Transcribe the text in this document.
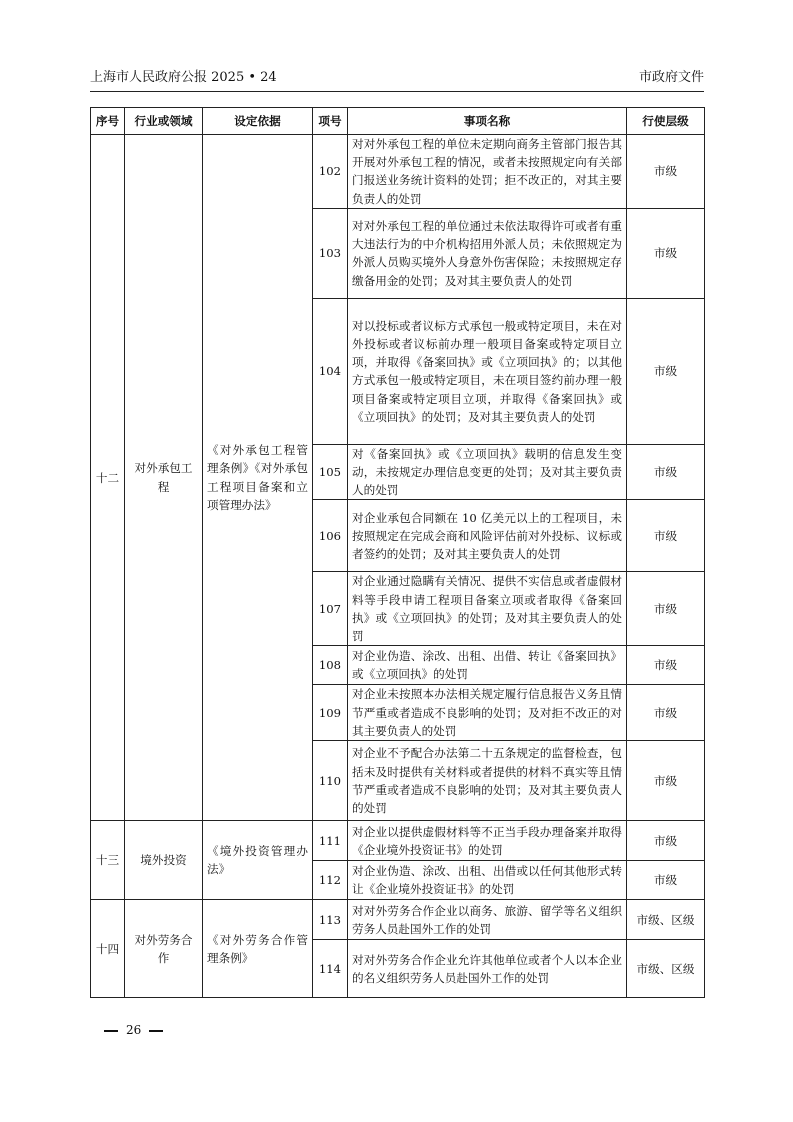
上海市人民政府公报 2025 • 24	市政府文件
序号	行业或领域	设定依据	项号	事项名称	行使层级
十二	对外承包工程	《对外承包工程管理条例》《对外承包工程项目备案和立项管理办法》	102	对对外承包工程的单位未定期向商务主管部门报告其开展对外承包工程的情况，或者未按照规定向有关部门报送业务统计资料的处罚；拒不改正的，对其主要负责人的处罚	市级
			103	对对外承包工程的单位通过未依法取得许可或者有重大违法行为的中介机构招用外派人员；未依照规定为外派人员购买境外人身意外伤害保险；未按照规定存缴备用金的处罚；及对其主要负责人的处罚	市级
			104	对以投标或者议标方式承包一般或特定项目，未在对外投标或者议标前办理一般项目备案或特定项目立项，并取得《备案回执》或《立项回执》的；以其他方式承包一般或特定项目，未在项目签约前办理一般项目备案或特定项目立项，并取得《备案回执》或《立项回执》的处罚；及对其主要负责人的处罚	市级
			105	对《备案回执》或《立项回执》载明的信息发生变动，未按规定办理信息变更的处罚；及对其主要负责人的处罚	市级
			106	对企业承包合同额在 10 亿美元以上的工程项目，未按照规定在完成会商和风险评估前对外投标、议标或者签约的处罚；及对其主要负责人的处罚	市级
			107	对企业通过隐瞒有关情况、提供不实信息或者虚假材料等手段申请工程项目备案立项或者取得《备案回执》或《立项回执》的处罚；及对其主要负责人的处罚	市级
			108	对企业伪造、涂改、出租、出借、转让《备案回执》或《立项回执》的处罚	市级
			109	对企业未按照本办法相关规定履行信息报告义务且情节严重或者造成不良影响的处罚；及对拒不改正的对其主要负责人的处罚	市级
			110	对企业不予配合办法第二十五条规定的监督检查，包括未及时提供有关材料或者提供的材料不真实等且情节严重或者造成不良影响的处罚；及对其主要负责人的处罚	市级
十三	境外投资	《境外投资管理办法》	111	对企业以提供虚假材料等不正当手段办理备案并取得《企业境外投资证书》的处罚	市级
			112	对企业伪造、涂改、出租、出借或以任何其他形式转让《企业境外投资证书》的处罚	市级
十四	对外劳务合作	《对外劳务合作管理条例》	113	对对外劳务合作企业以商务、旅游、留学等名义组织劳务人员赴国外工作的处罚	市级、区级
			114	对对外劳务合作企业允许其他单位或者个人以本企业的名义组织劳务人员赴国外工作的处罚	市级、区级
26
